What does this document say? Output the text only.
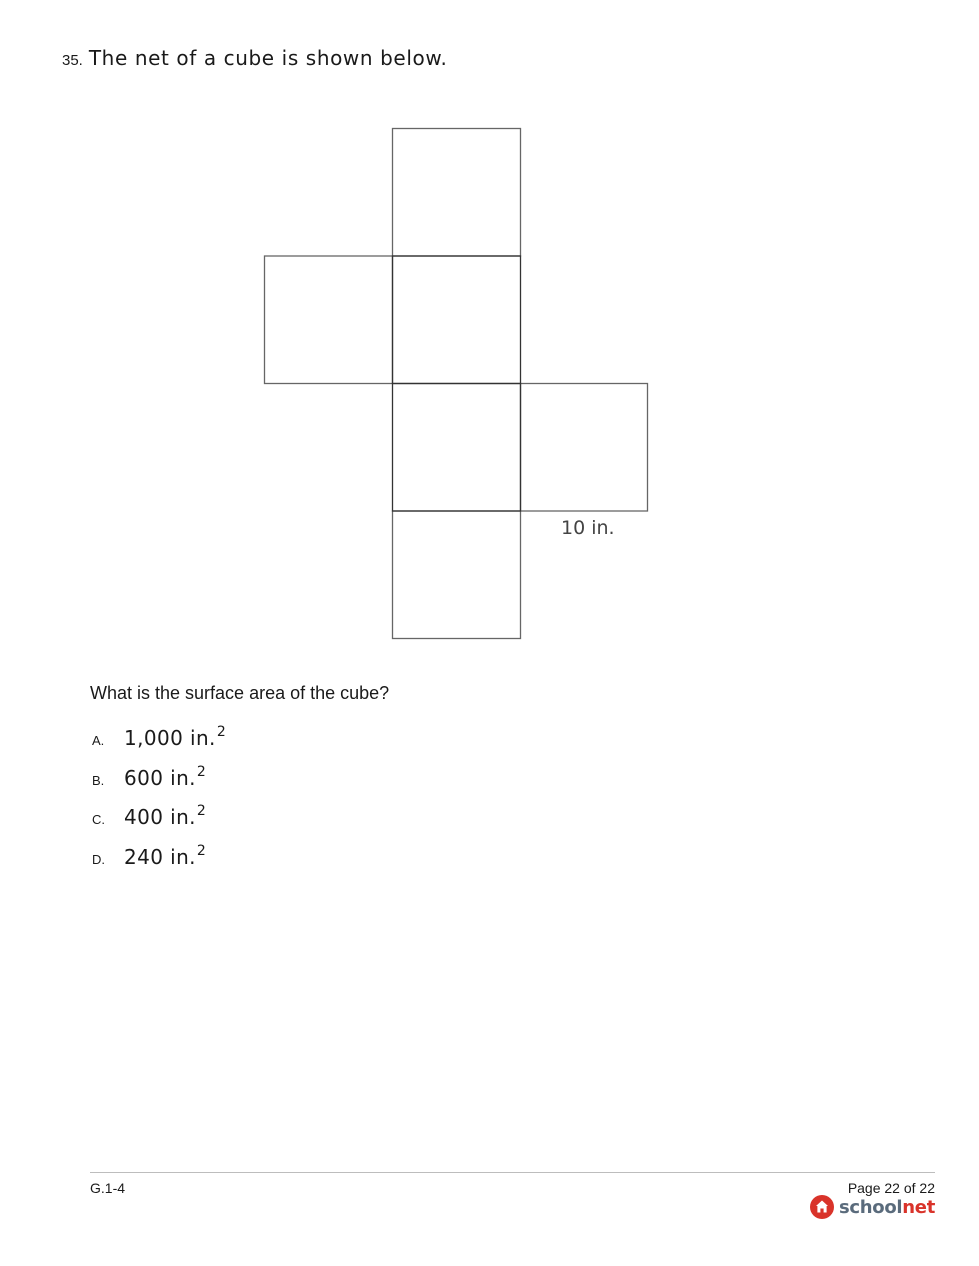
35. The net of a cube is shown below.
10 in.
What is the surface area of the cube?
A. 1,000 in. 2
B. 600 in. 2
C. 400 in. 2
D. 240 in. 2
G.1-4	Page 22 of 22
schoolnet
